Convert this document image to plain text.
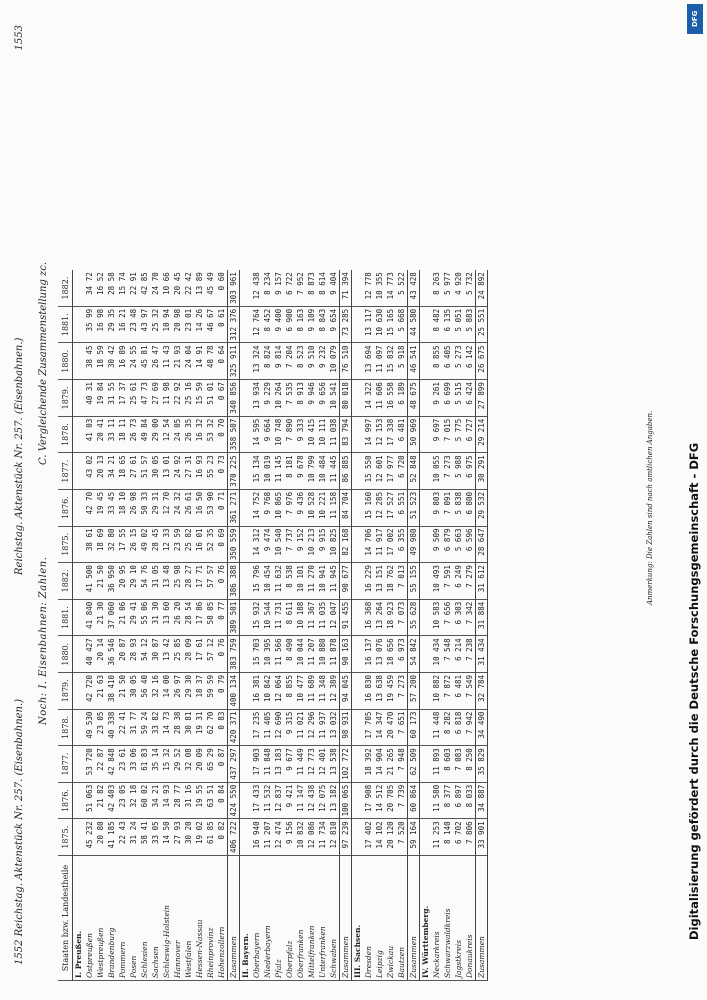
1552 Reichstag. Aktenstück Nr. 257. (Eisenbahnen.)
Reichstag. Aktenstück Nr. 257. (Eisenbahnen.)
1553
Noch: I. Eisenbahnen: Zahlen.
C. Vergleichende Zusammenstellung zc.
Staaten bzw. Landestheile	1875.	1876.	1877.	1878.	1879.	1880.	1881.	1882.	1875.	1876.	1877.	1878.	1879.	1880.	1881.	1882.
I. Preußen.																
Ostpreußen	45 232	51 063	53 720	49 530	42 720	40 427	41 840	41 500	38 61	42 70	43 02	41 03	40 31	38 45	35 99	34 72
Westpreußen	20 80	21 82	22 87	23 05	21 63	20 14	21 30	21 50	18 69	19 45	20 13	20 41	19 84	18 59	16 98	16 52
Brandenburg	41 185	42 403	42 848	40 338	38 410	36 546	37 060	36 950	32 80	33 45	34 21	33 11	31 55	30 42	29 35	28 58
Pommern	22 43	23 05	23 61	22 41	21 50	20 87	21 06	20 95	17 55	18 10	18 65	18 11	17 37	16 89	16 21	15 74
Posen	31 24	32 18	33 06	31 77	30 05	28 93	29 41	29 10	26 15	26 98	27 61	26 73	25 61	24 55	23 48	22 91
Schlesien	58 41	60 02	61 83	59 24	56 40	54 12	55 06	54 76	49 02	50 33	51 57	49 84	47 73	45 81	43 97	42 85
Sachsen	33 05	34 21	35 14	33 82	32 16	30 87	31 30	31 05	28 45	29 31	30 05	29 00	27 69	26 47	25 32	24 70
Schleswig-Holstein	14 50	14 93	15 32	14 73	14 00	13 42	13 60	13 48	12 33	12 70	13 01	12 54	11 98	11 43	10 94	10 66
Hannover	27 93	28 77	29 52	28 38	26 97	25 85	26 20	25 98	23 59	24 32	24 92	24 05	22 92	21 93	20 98	20 45
Westfalen	30 20	31 16	32 08	30 81	29 30	28 09	28 54	28 27	25 82	26 61	27 31	26 35	25 16	24 04	23 01	22 42
Hessen-Nassau	19 02	19 55	20 09	19 31	18 37	17 61	17 86	17 71	16 01	16 50	16 93	16 32	15 59	14 91	14 26	13 89
Rheinprovinz	61 85	63 51	65 29	62 70	59 59	57 12	58 05	57 57	52 35	53 90	55 23	53 32	51 01	48 78	46 67	45 49
Hohenzollern	0 82	0 84	0 87	0 83	0 79	0 76	0 77	0 76	0 69	0 71	0 73	0 70	0 67	0 64	0 61	0 60
Zusammen	406 722	424 550	437 297	420 371	400 134	383 759	389 501	386 388	350 559	361 271	370 225	358 507	340 856	325 911	312 376	303 961
II. Bayern.																
Oberbayern	16 940	17 433	17 903	17 235	16 381	15 703	15 932	15 796	14 312	14 752	15 134	14 595	13 934	13 324	12 764	12 438
Niederbayern	11 207	11 532	11 848	11 405	10 842	10 395	10 544	10 454	9 474	9 768	10 019	9 664	9 229	8 824	8 452	8 234
Pfalz	12 474	12 837	13 183	12 690	12 064	11 566	11 731	11 632	10 540	10 865	11 145	10 748	10 264	9 814	9 400	9 157
Oberpfalz	9 156	9 421	9 677	9 315	8 855	8 490	8 611	8 538	7 737	7 976	8 181	7 890	7 535	7 204	6 900	6 722
Oberfranken	10 832	11 147	11 449	11 021	10 477	10 044	10 188	10 101	9 152	9 436	9 678	9 333	8 913	8 523	8 163	7 952
Mittelfranken	12 086	12 438	12 773	12 296	11 689	11 207	11 367	11 270	10 213	10 528	10 799	10 415	9 946	9 510	9 109	8 873
Unterfranken	11 734	12 075	12 401	11 937	11 348	10 880	11 035	10 941	9 915	10 221	10 484	10 111	9 656	9 232	8 843	8 614
Schwaben	12 810	13 182	13 538	13 032	12 389	11 878	12 047	11 945	10 825	11 158	11 445	11 038	10 541	10 079	9 654	9 404
Zusammen	97 239	100 065	102 772	98 931	94 045	90 163	91 455	90 677	82 168	84 704	86 885	83 794	80 018	76 510	73 285	71 394
III. Sachsen.																
Dresden	17 402	17 908	18 392	17 705	16 830	16 137	16 368	16 229	14 706	15 160	15 550	14 997	14 322	13 694	13 117	12 778
Leipzig	14 102	14 512	14 904	14 347	13 638	13 076	13 264	13 151	11 917	12 285	12 601	12 153	11 606	11 097	10 630	10 355
Zwickau	20 120	20 705	21 265	20 470	19 459	18 656	18 923	18 762	17 002	17 527	17 977	17 338	16 558	15 832	15 165	14 773
Bautzen	7 520	7 739	7 948	7 651	7 273	6 973	7 073	7 013	6 355	6 551	6 720	6 481	6 189	5 918	5 668	5 522
Zusammen	59 164	60 864	62 509	60 173	57 200	54 842	55 628	55 155	49 980	51 523	52 848	50 969	48 675	46 541	44 580	43 428
IV. Württemberg.																
Neckarkreis	11 253	11 580	11 893	11 448	10 882	10 434	10 583	10 493	9 509	9 803	10 055	9 697	9 261	8 855	8 482	8 263
Schwarzwaldkreis	8 140	8 377	8 603	8 282	7 872	7 548	7 656	7 591	6 879	7 091	7 273	7 015	6 699	6 405	6 135	5 977
Jagstkreis	6 702	6 897	7 083	6 818	6 481	6 214	6 303	6 249	5 663	5 838	5 988	5 775	5 515	5 273	5 051	4 920
Donaukreis	7 806	8 033	8 250	7 942	7 549	7 238	7 342	7 279	6 596	6 800	6 975	6 727	6 424	6 142	5 883	5 732
Zusammen	33 901	34 887	35 829	34 490	32 784	31 434	31 884	31 612	28 647	29 532	30 291	29 214	27 899	26 675	25 551	24 892
Anmerkung: Die Zahlen sind nach amtlichen Angaben.	Digitalisierung gefördert durch die Deutsche Forschungsgemeinschaft - DFG
DFG
